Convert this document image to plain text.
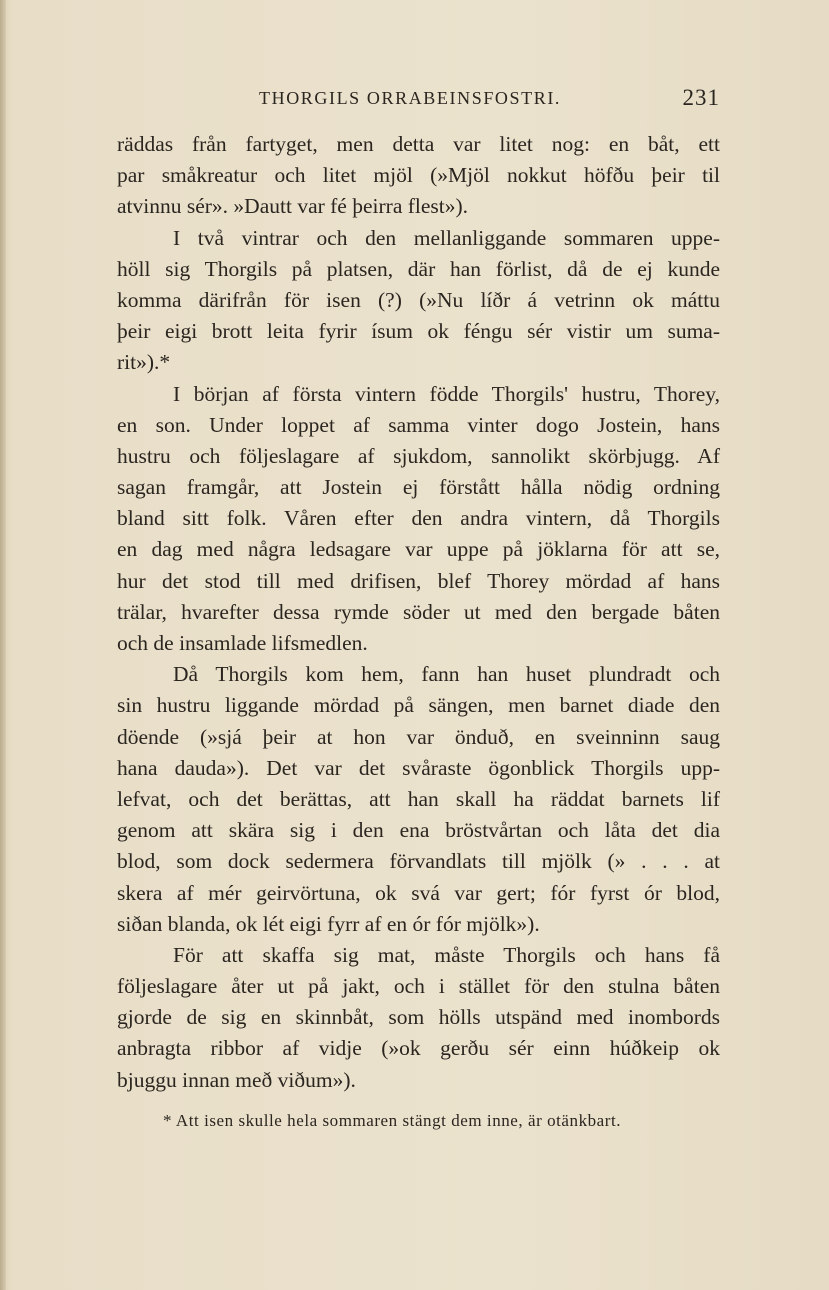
THORGILS ORRABEINSFOSTRI.	231
räddas från fartyget, men detta var litet nog: en båt, ett
par småkreatur och litet mjöl (»Mjöl nokkut höfðu þeir til
atvinnu sér». »Dautt var fé þeirra flest»).
I två vintrar och den mellanliggande sommaren uppe-
höll sig Thorgils på platsen, där han förlist, då de ej kunde
komma därifrån för isen (?) (»Nu líðr á vetrinn ok máttu
þeir eigi brott leita fyrir ísum ok féngu sér vistir um suma-
rit»).*
I början af första vintern födde Thorgils' hustru, Thorey,
en son. Under loppet af samma vinter dogo Jostein, hans
hustru och följeslagare af sjukdom, sannolikt skörbjugg. Af
sagan framgår, att Jostein ej förstått hålla nödig ordning
bland sitt folk. Våren efter den andra vintern, då Thorgils
en dag med några ledsagare var uppe på jöklarna för att se,
hur det stod till med drifisen, blef Thorey mördad af hans
trälar, hvarefter dessa rymde söder ut med den bergade båten
och de insamlade lifsmedlen.
Då Thorgils kom hem, fann han huset plundradt och
sin hustru liggande mördad på sängen, men barnet diade den
döende (»sjá þeir at hon var önduð, en sveinninn saug
hana dauda»). Det var det svåraste ögonblick Thorgils upp-
lefvat, och det berättas, att han skall ha räddat barnets lif
genom att skära sig i den ena bröstvårtan och låta det dia
blod, som dock sedermera förvandlats till mjölk (» . . . at
skera af mér geirvörtuna, ok svá var gert; fór fyrst ór blod,
siðan blanda, ok lét eigi fyrr af en ór fór mjölk»).
För att skaffa sig mat, måste Thorgils och hans få
följeslagare åter ut på jakt, och i stället för den stulna båten
gjorde de sig en skinnbåt, som hölls utspänd med inombords
anbragta ribbor af vidje (»ok gerðu sér einn húðkeip ok
bjuggu innan með viðum»).
* Att isen skulle hela sommaren stängt dem inne, är otänkbart.
